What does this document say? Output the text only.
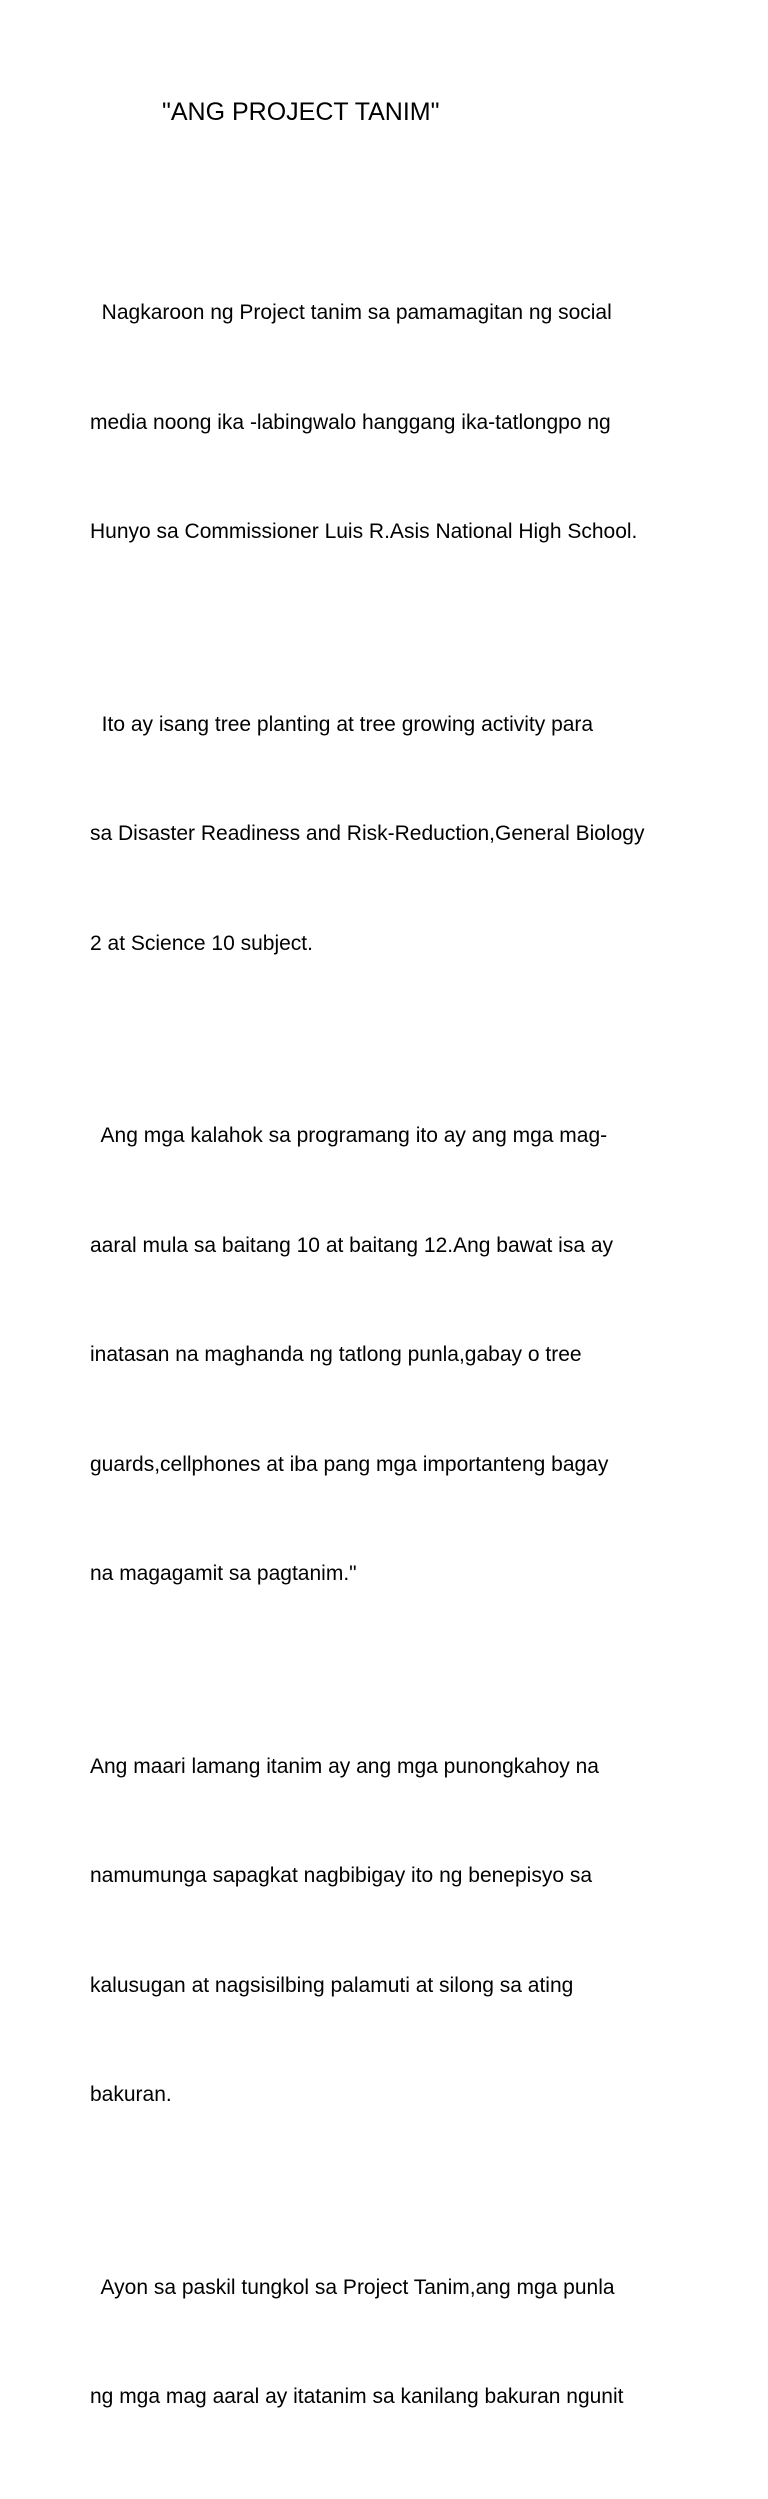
"ANG PROJECT TANIM"

Nagkaroon ng Project tanim sa pamamagitan ng social

media noong ika -labingwalo hanggang ika-tatlongpo ng

Hunyo sa Commissioner Luis R.Asis National High School.

Ito ay isang tree planting at tree growing activity para

sa Disaster Readiness and Risk-Reduction,General Biology

2 at Science 10 subject.

Ang mga kalahok sa programang ito ay ang mga mag-

aaral mula sa baitang 10 at baitang 12.Ang bawat isa ay

inatasan na maghanda ng tatlong punla,gabay o tree

guards,cellphones at iba pang mga importanteng bagay

na magagamit sa pagtanim."

Ang maari lamang itanim ay ang mga punongkahoy na

namumunga sapagkat nagbibigay ito ng benepisyo sa

kalusugan at nagsisilbing palamuti at silong sa ating

bakuran.

Ayon sa paskil tungkol sa Project Tanim,ang mga punla

ng mga mag aaral ay itatanim sa kanilang bakuran ngunit
